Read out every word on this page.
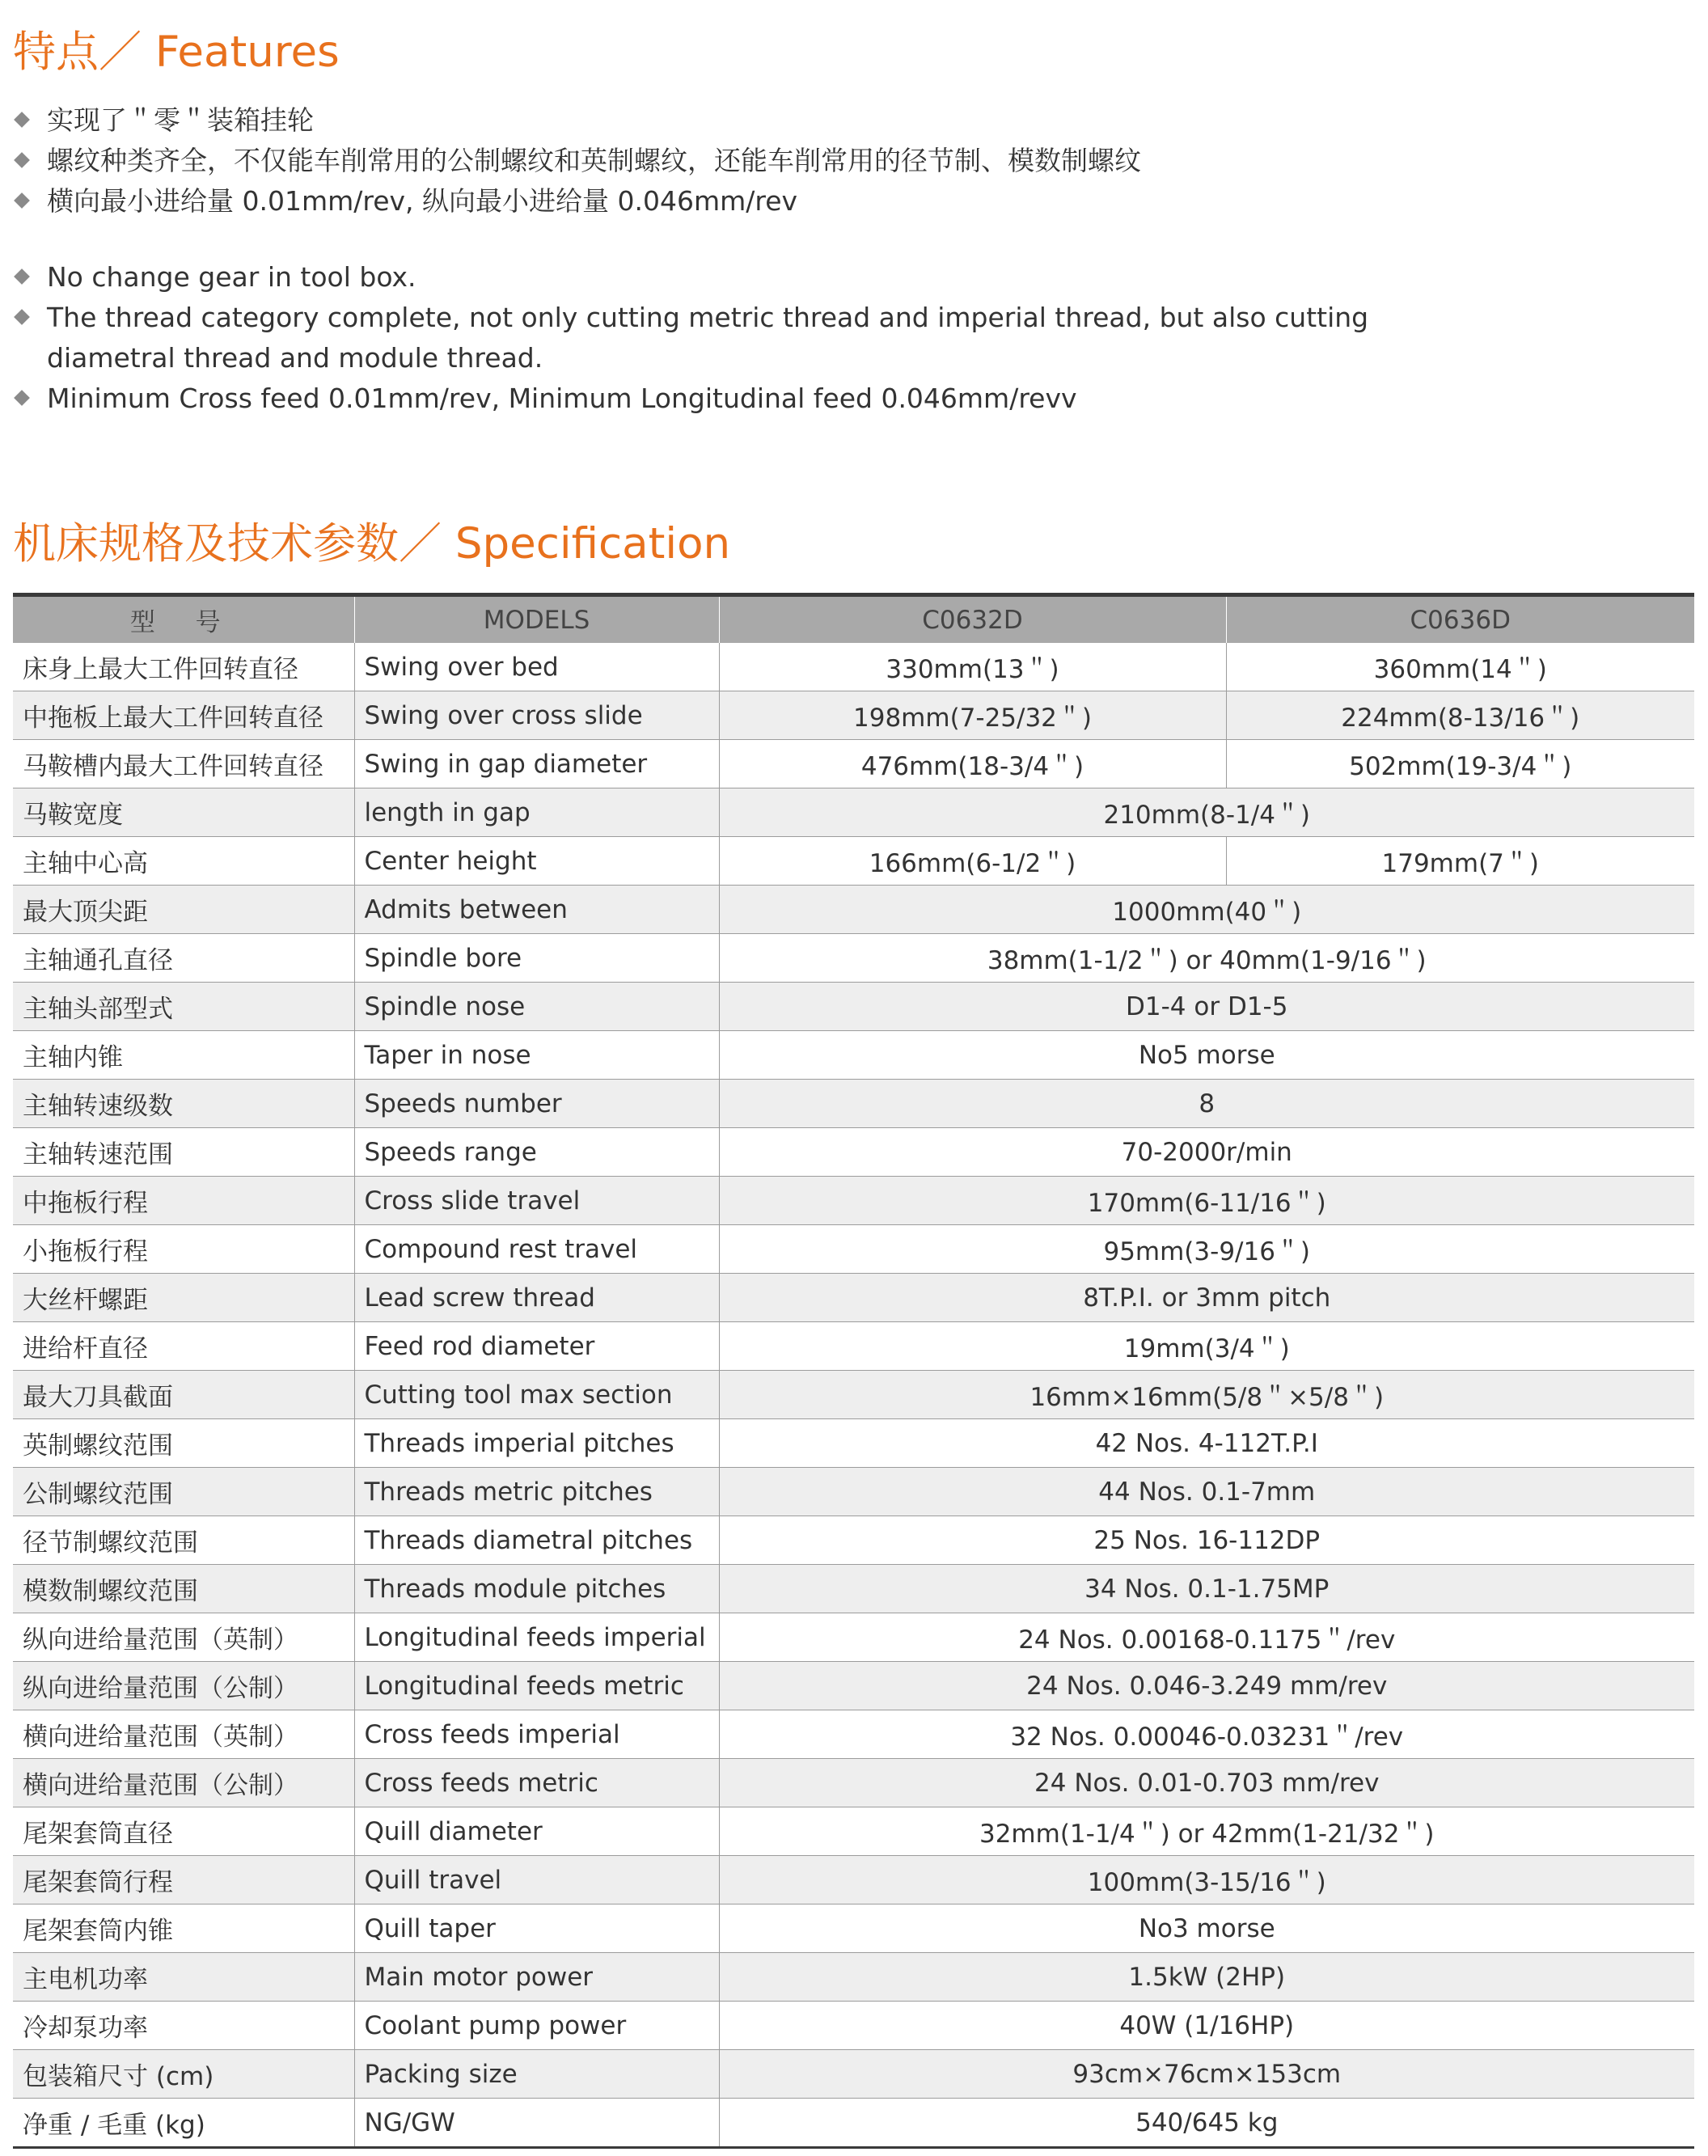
特点／ Features
实现了＂零＂装箱挂轮
螺纹种类齐全，不仅能车削常用的公制螺纹和英制螺纹，还能车削常用的径节制、模数制螺纹
横向最小进给量 0.01mm/rev, 纵向最小进给量 0.046mm/rev
No change gear in tool box.
The thread category complete, not only cutting metric thread and imperial thread, but also cutting
diametral thread and module thread.
Minimum Cross feed 0.01mm/rev, Minimum Longitudinal feed 0.046mm/revv
机床规格及技术参数／ Specification
型 号	MODELS	C0632D	C0636D
床身上最大工件回转直径	Swing over bed	330mm(13＂)	360mm(14＂)
中拖板上最大工件回转直径	Swing over cross slide	198mm(7-25/32＂)	224mm(8-13/16＂)
马鞍槽内最大工件回转直径	Swing in gap diameter	476mm(18-3/4＂)	502mm(19-3/4＂)
马鞍宽度	length in gap	210mm(8-1/4＂)	
主轴中心高	Center height	166mm(6-1/2＂)	179mm(7＂)
最大顶尖距	Admits between	1000mm(40＂)	
主轴通孔直径	Spindle bore	38mm(1-1/2＂) or 40mm(1-9/16＂)	
主轴头部型式	Spindle nose	D1-4 or D1-5	
主轴内锥	Taper in nose	No5 morse	
主轴转速级数	Speeds number	8	
主轴转速范围	Speeds range	70-2000r/min	
中拖板行程	Cross slide travel	170mm(6-11/16＂)	
小拖板行程	Compound rest travel	95mm(3-9/16＂)	
大丝杆螺距	Lead screw thread	8T.P.I. or 3mm pitch	
进给杆直径	Feed rod diameter	19mm(3/4＂)	
最大刀具截面	Cutting tool max section	16mm×16mm(5/8＂×5/8＂)	
英制螺纹范围	Threads imperial pitches	42 Nos. 4-112T.P.I	
公制螺纹范围	Threads metric pitches	44 Nos. 0.1-7mm	
径节制螺纹范围	Threads diametral pitches	25 Nos. 16-112DP	
模数制螺纹范围	Threads module pitches	34 Nos. 0.1-1.75MP	
纵向进给量范围（英制）	Longitudinal feeds imperial	24 Nos. 0.00168-0.1175＂/rev	
纵向进给量范围（公制）	Longitudinal feeds metric	24 Nos. 0.046-3.249 mm/rev	
横向进给量范围（英制）	Cross feeds imperial	32 Nos. 0.00046-0.03231＂/rev	
横向进给量范围（公制）	Cross feeds metric	24 Nos. 0.01-0.703 mm/rev	
尾架套筒直径	Quill diameter	32mm(1-1/4＂) or 42mm(1-21/32＂)	
尾架套筒行程	Quill travel	100mm(3-15/16＂)	
尾架套筒内锥	Quill taper	No3 morse	
主电机功率	Main motor power	1.5kW (2HP)	
冷却泵功率	Coolant pump power	40W (1/16HP)	
包装箱尺寸 (cm)	Packing size	93cm×76cm×153cm	
净重 / 毛重 (kg)	NG/GW	540/645 kg	
